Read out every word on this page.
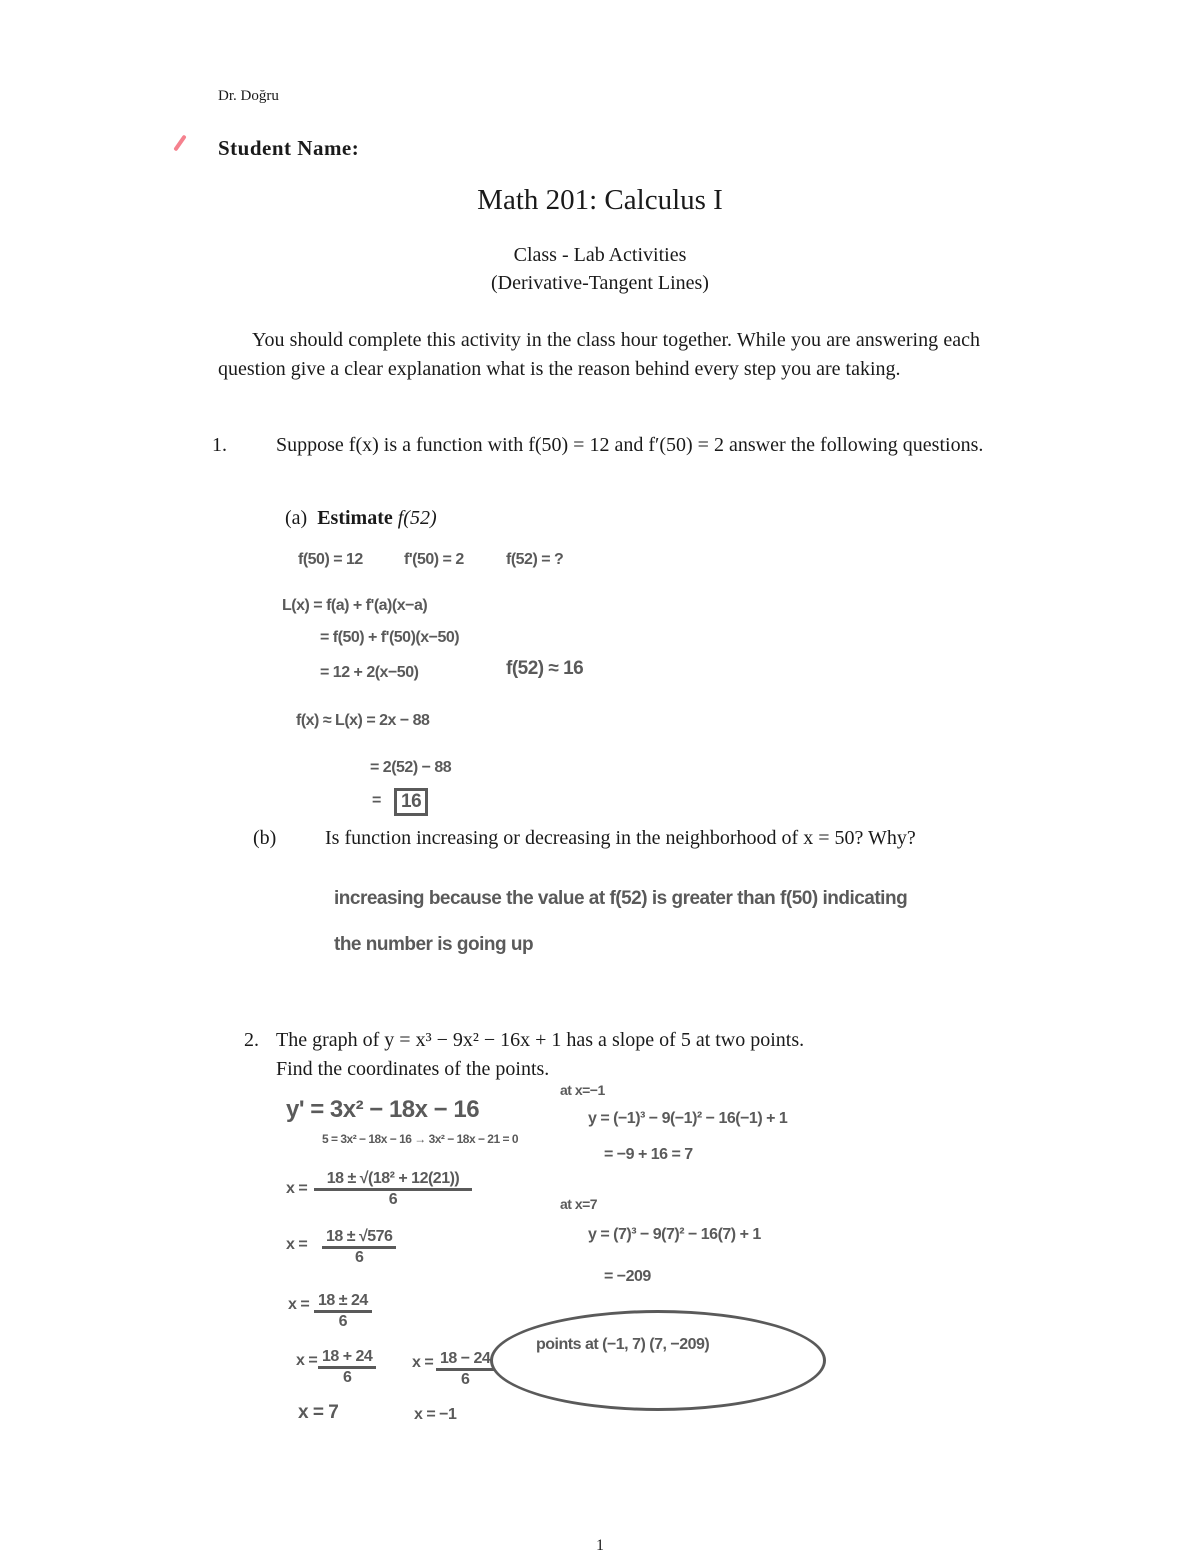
Dr. Doğru
Student Name:
Math 201: Calculus I
Class - Lab Activities
(Derivative-Tangent Lines)
You should complete this activity in the class hour together. While you are answering each question give a clear explanation what is the reason behind every step you are taking.
1. Suppose f(x) is a function with f(50) = 12 and f′(50) = 2 answer the following questions.
(a) Estimate f(52)
f(50) = 12	f'(50) = 2	f(52) = ?
L(x) = f(a) + f'(a)(x−a)
= f(50) + f'(50)(x−50)
= 12 + 2(x−50)	f(52) ≈ 16
f(x) ≈ L(x) = 2x − 88
= 2(52) − 88
=	16
(b) Is function increasing or decreasing in the neighborhood of x = 50? Why?
increasing because the value at f(52) is greater than f(50) indicating
the number is going up
2. The graph of y = x³ − 9x² − 16x + 1 has a slope of 5 at two points.
Find the coordinates of the points.
y' = 3x² − 18x − 16
5 = 3x² − 18x − 16 → 3x² − 18x − 21 = 0
$x = \frac{\text{18 ± √(18² + 12(21))}}{6}$
$x = \frac{18 \pm √576}{6}$
$x = \frac{18 \pm 24}{6}$
$x = \frac{18 + 24}{6}$ $x = \frac{18 - 24}{6}$
x = 7	x = −1
at x=−1
y = (−1)³ − 9(−1)² − 16(−1) + 1
= −9 + 16 = 7
at x=7
y = (7)³ − 9(7)² − 16(7) + 1
= −209
points at (−1, 7) (7, −209)
1
